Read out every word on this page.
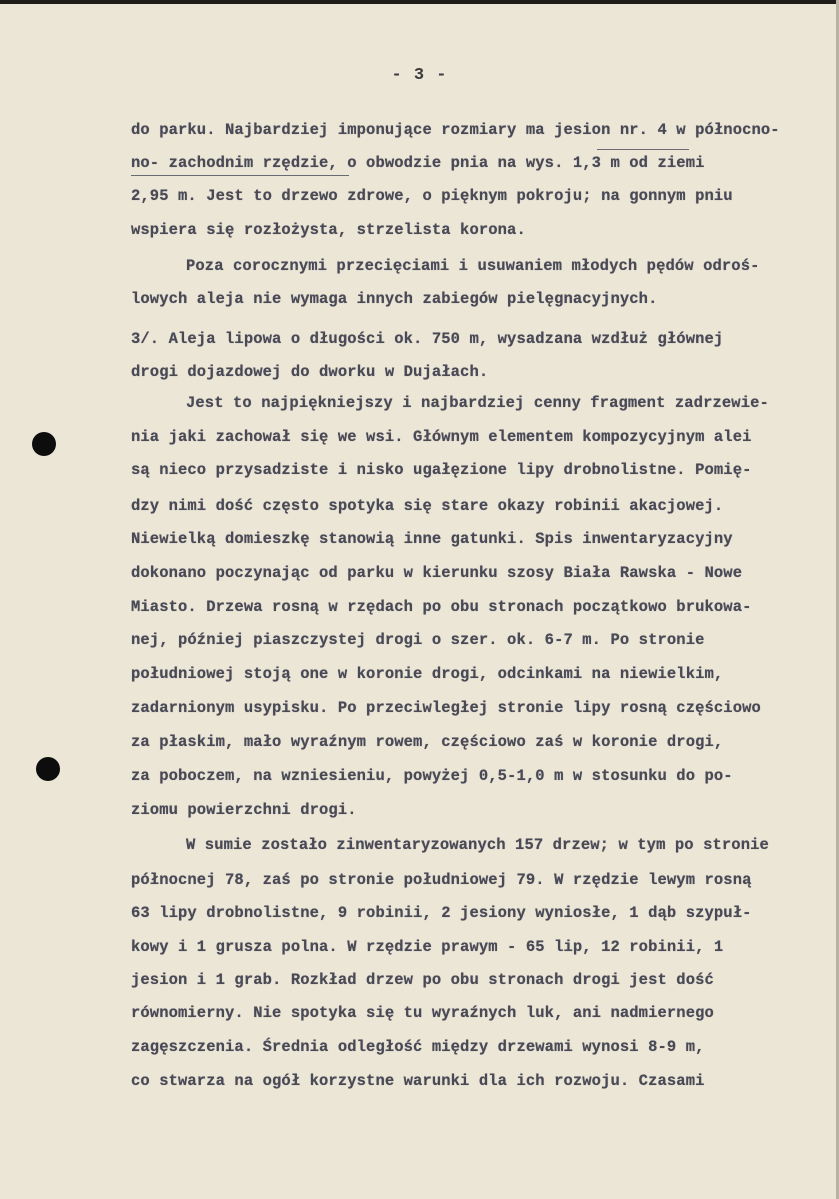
- 3 -
do parku. Najbardziej imponujące rozmiary ma jesion nr. 4 w północno-
no- zachodnim rzędzie, o obwodzie pnia na wys. 1,3 m od ziemi
2,95 m. Jest to drzewo zdrowe, o pięknym pokroju; na gonnym pniu
wspiera się rozłożysta, strzelista korona.
Poza corocznymi przecięciami i usuwaniem młodych pędów odroś-
lowych aleja nie wymaga innych zabiegów pielęgnacyjnych.
3/. Aleja lipowa o długości ok. 750 m, wysadzana wzdłuż głównej
drogi dojazdowej do dworku w Dujałach.
Jest to najpiękniejszy i najbardziej cenny fragment zadrzewie-
nia jaki zachował się we wsi. Głównym elementem kompozycyjnym alei
są nieco przysadziste i nisko ugałęzione lipy drobnolistne. Pomię-
dzy nimi dość często spotyka się stare okazy robinii akacjowej.
Niewielką domieszkę stanowią inne gatunki. Spis inwentaryzacyjny
dokonano poczynając od parku w kierunku szosy Biała Rawska - Nowe
Miasto. Drzewa rosną w rzędach po obu stronach początkowo brukowa-
nej, później piaszczystej drogi o szer. ok. 6-7 m. Po stronie
południowej stoją one w koronie drogi, odcinkami na niewielkim,
zadarnionym usypisku. Po przeciwległej stronie lipy rosną częściowo
za płaskim, mało wyraźnym rowem, częściowo zaś w koronie drogi,
za poboczem, na wzniesieniu, powyżej 0,5-1,0 m w stosunku do po-
ziomu powierzchni drogi.
W sumie zostało zinwentaryzowanych 157 drzew; w tym po stronie
północnej 78, zaś po stronie południowej 79. W rzędzie lewym rosną
63 lipy drobnolistne, 9 robinii, 2 jesiony wyniosłe, 1 dąb szypuł-
kowy i 1 grusza polna. W rzędzie prawym - 65 lip, 12 robinii, 1
jesion i 1 grab. Rozkład drzew po obu stronach drogi jest dość
równomierny. Nie spotyka się tu wyraźnych luk, ani nadmiernego
zagęszczenia. Średnia odległość między drzewami wynosi 8-9 m,
co stwarza na ogół korzystne warunki dla ich rozwoju. Czasami
